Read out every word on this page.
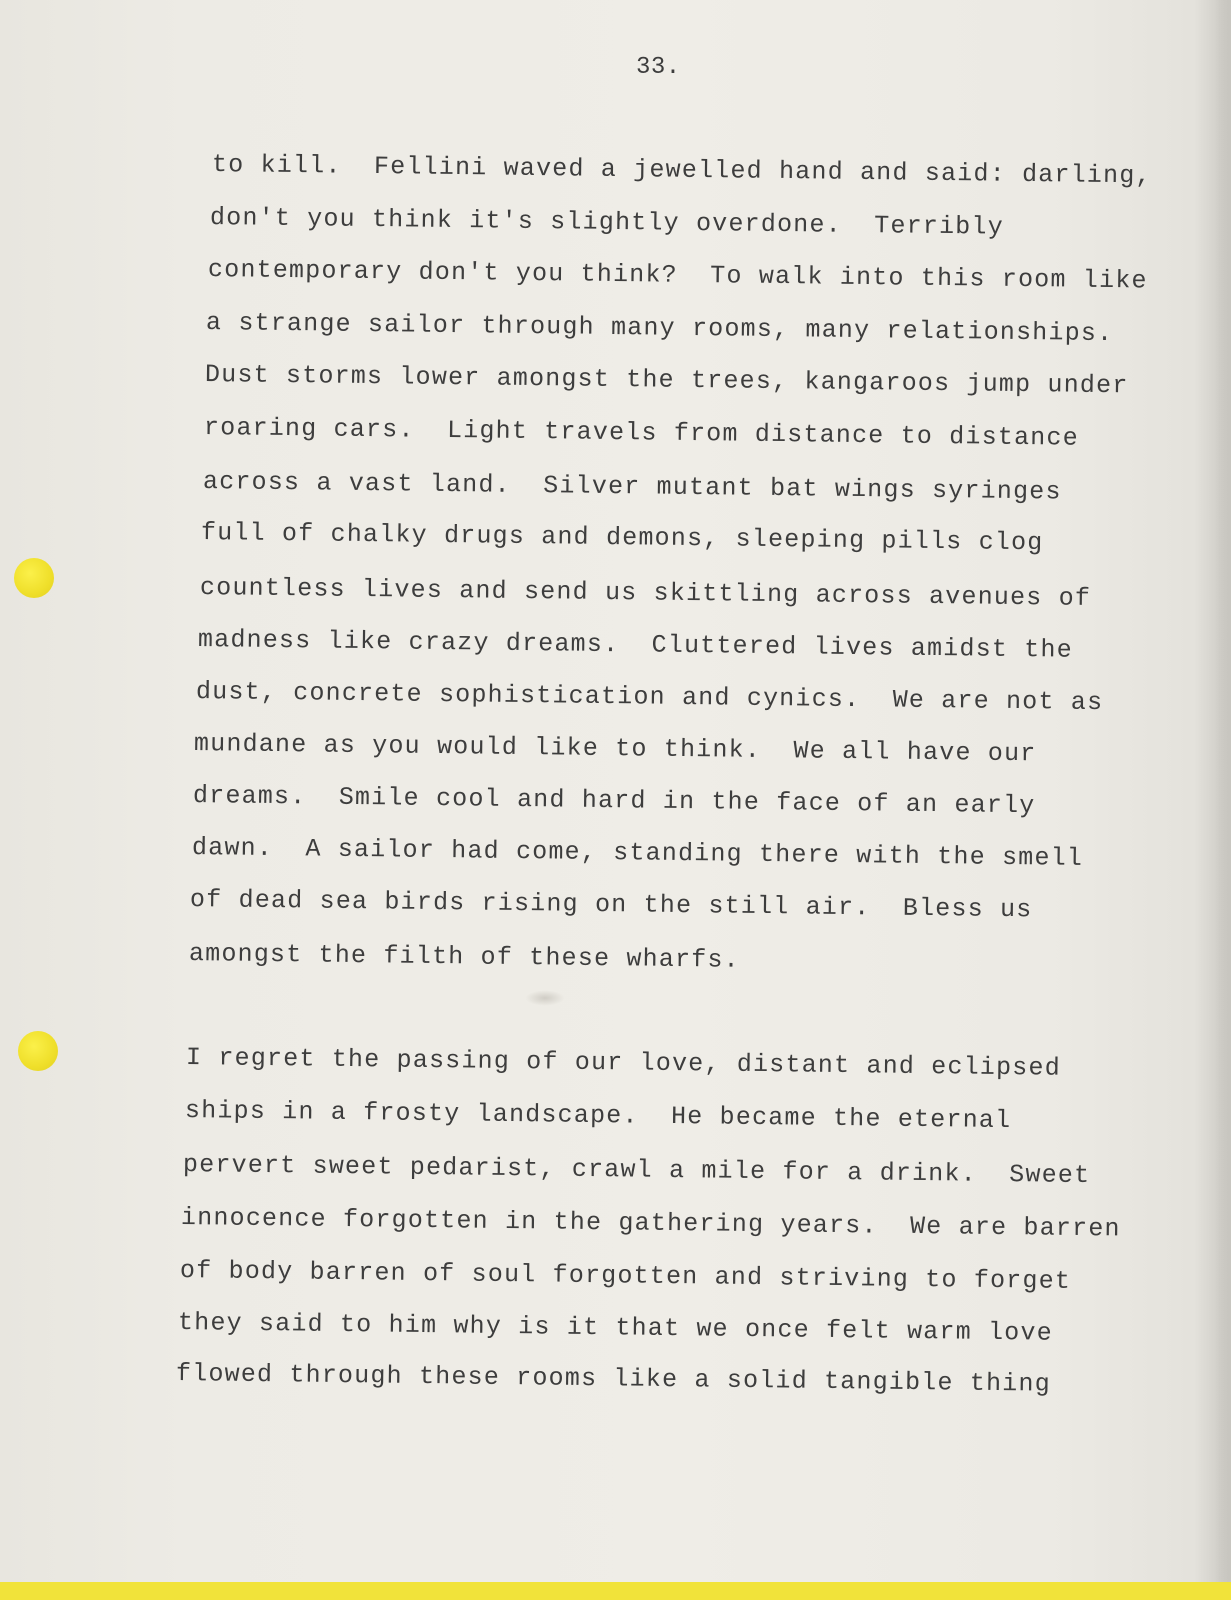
33.
to kill.  Fellini waved a jewelled hand and said: darling,
don't you think it's slightly overdone.  Terribly
contemporary don't you think?  To walk into this room like
a strange sailor through many rooms, many relationships.
Dust storms lower amongst the trees, kangaroos jump under
roaring cars.  Light travels from distance to distance
across a vast land.  Silver mutant bat wings syringes
full of chalky drugs and demons, sleeping pills clog
countless lives and send us skittling across avenues of
madness like crazy dreams.  Cluttered lives amidst the
dust, concrete sophistication and cynics.  We are not as
mundane as you would like to think.  We all have our
dreams.  Smile cool and hard in the face of an early
dawn.  A sailor had come, standing there with the smell
of dead sea birds rising on the still air.  Bless us
amongst the filth of these wharfs.
I regret the passing of our love, distant and eclipsed
ships in a frosty landscape.  He became the eternal
pervert sweet pedarist, crawl a mile for a drink.  Sweet
innocence forgotten in the gathering years.  We are barren
of body barren of soul forgotten and striving to forget
they said to him why is it that we once felt warm love
flowed through these rooms like a solid tangible thing
